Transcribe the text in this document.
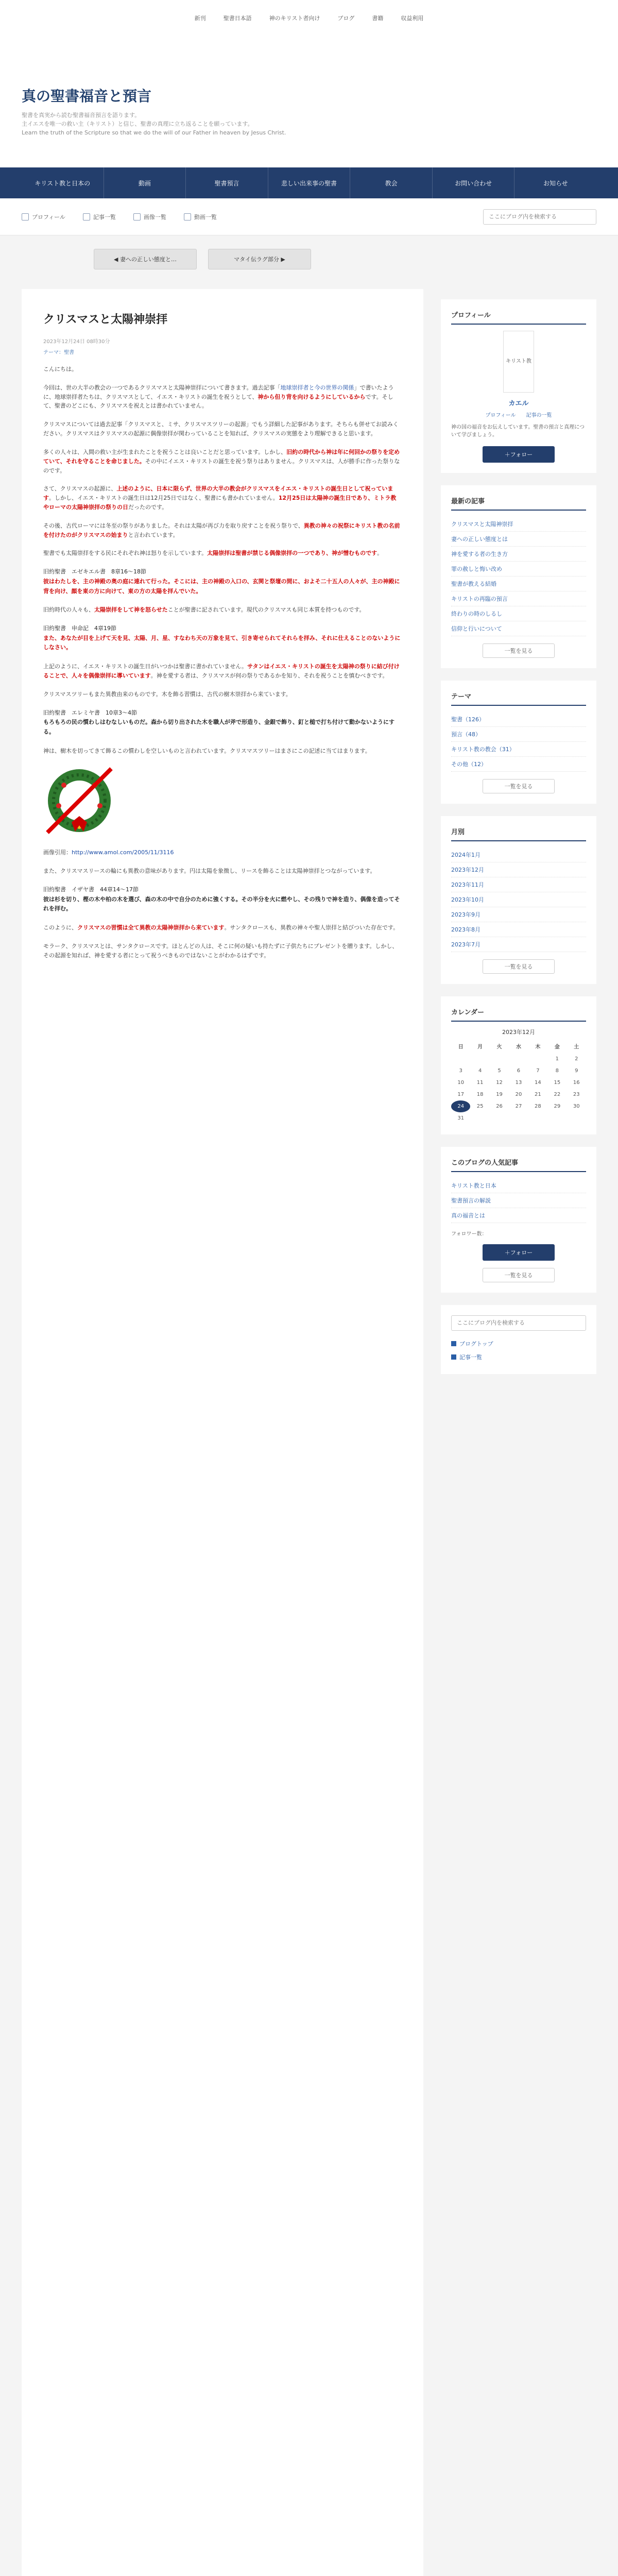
新刊	聖書日本語	神のキリスト者向け	ブログ	書籍	収益利用
真の聖書福音と預言
聖書を真実から読む聖書福音預言を語ります。
主イエスを唯一の救い主（キリスト）と信じ、聖書の真理に立ち返ることを願っています。
Learn the truth of the Scripture so that we do the will of our Father in heaven by Jesus Christ.
キリスト教と日本の	動画	聖書預言	悲しい出来事の聖書	教会	お問い合わせ	お知らせ
プロフィール	記事一覧	画像一覧	動画一覧
ここにブログ内を検索する
◀ 妻への正しい態度と…	マタイ伝ラグ部分 ▶
クリスマスと太陽神崇拝
2023年12月24日 08時30分
テーマ：聖書

こんにちは。

今回は、世の大半の教会の一つであるクリスマスと太陽神崇拝について書きます。過去記事「地球崇拝者と今の世界の関係」で書いたように、地球崇拝者たちは、クリスマスとして、イエス・キリストの誕生を祝うとして、神から但り背を向けるようにしているからです。そして、聖書のどこにも、クリスマスを祝えとは書かれていません。

クリスマスについては過去記事「クリスマスと、ミサ、クリスマスツリーの起源」でもう詳細した記事があります。そちらも併せてお読みください。クリスマスはクリスマスの起源に偶像崇拝が関わっていることを知れば、クリスマスの実態をより理解できると思います。

多くの人々は、入間の救い主が生まれたことを祝うことは良いことだと思っています。しかし、旧約の時代から神は年に何回かの祭りを定めていて、それを守ることを命じました。その中にイエス・キリストの誕生を祝う祭りはありません。クリスマスは、人が勝手に作った祭りなのです。

さて、クリスマスの起源に、上述のように、日本に限らず、世界の大半の教会がクリスマスをイエス・キリストの誕生日として祝っています。しかし、イエス・キリストの誕生日は12月25日ではなく、聖書にも書かれていません。12月25日は太陽神の誕生日であり、ミトラ教やローマの太陽神崇拝の祭りの日だったのです。

その後、古代ローマには冬至の祭りがありました。それは太陽が再び力を取り戻すことを祝う祭りで、異教の神々の祝祭にキリスト教の名前を付けたのがクリスマスの始まりと言われています。

聖書でも太陽崇拝をする民にそれぞれ神は怒りを示しています。太陽崇拝は聖書が禁じる偶像崇拝の一つであり、神が憎むものです。

旧約聖書　エゼキエル書　8章16〜18節
彼はわたしを、主の神殿の奥の庭に連れて行った。そこには、主の神殿の入口の、玄関と祭壇の間に、およそ二十五人の人々が、主の神殿に背を向け、顔を東の方に向けて、東の方の太陽を拝んでいた。

旧約時代の人々も、太陽崇拝をして神を怒らせたことが聖書に記されています。現代のクリスマスも同じ本質を持つものです。

旧約聖書　申命記　4章19節
また、あなたが目を上げて天を見、太陽、月、星、すなわち天の万象を見て、引き寄せられてそれらを拝み、それに仕えることのないようにしなさい。

上記のように、イエス・キリストの誕生日がいつかは聖書に書かれていません。サタンはイエス・キリストの誕生を太陽神の祭りに結び付けることで、人々を偶像崇拝に導いています。神を愛する者は、クリスマスが何の祭りであるかを知り、それを祝うことを慎むべきです。

クリスマスツリーもまた異教由来のものです。木を飾る習慣は、古代の樹木崇拝から来ています。

旧約聖書　エレミヤ書　10章3〜4節
もろもろの民の慣わしはむなしいものだ。森から切り出された木を職人が斧で形造り、金銀で飾り、釘と槌で打ち付けて動かないようにする。

神は、樹木を切ってきて飾るこの慣わしを空しいものと言われています。クリスマスツリーはまさにこの記述に当てはまります。

画像引用：http://www.amol.com/2005/11/3116

また、クリスマスリースの輪にも異教の意味があります。円は太陽を象徴し、リースを飾ることは太陽神崇拝とつながっています。

旧約聖書　イザヤ書　44章14〜17節
彼は杉を切り、樫の木や柏の木を選び、森の木の中で自分のために強くする。その半分を火に燃やし、その残りで神を造り、偶像を造ってそれを拝む。

このように、クリスマスの習慣は全て異教の太陽神崇拝から来ています。サンタクロースも、異教の神々や聖人崇拝と結びついた存在です。

モラーク、クリスマスとは、サンタクロースです。ほとんどの人は、そこに何の疑いも持たずに子供たちにプレゼントを贈ります。しかし、その起源を知れば、神を愛する者にとって祝うべきものではないことがわかるはずです。

プロフィール
キリスト教
カエル
プロフィール 記事の一覧
神の国の福音をお伝えしています。聖書の預言と真理について学びましょう。
＋フォロー
最新の記事
クリスマスと太陽神崇拝
妻への正しい態度とは
神を愛する者の生き方
罪の赦しと悔い改め
聖書が教える結婚
キリストの再臨の預言
終わりの時のしるし
信仰と行いについて
一覧を見る
テーマ
聖書（126）
預言（48）
キリスト教の教会（31）
その他（12）
一覧を見る
月別
2024年1月
2023年12月
2023年11月
2023年10月
2023年9月
2023年8月
2023年7月
一覧を見る
カレンダー
2023年12月
日	月	火	水	木	金	土
					1	2
3	4	5	6	7	8	9
10	11	12	13	14	15	16
17	18	19	20	21	22	23
24	25	26	27	28	29	30
31						
このブログの人気記事
キリスト教と日本
聖書預言の解説
真の福音とは
フォロワー数：
＋フォロー
一覧を見る
ここにブログ内を検索する
ブログトップ
記事一覧
